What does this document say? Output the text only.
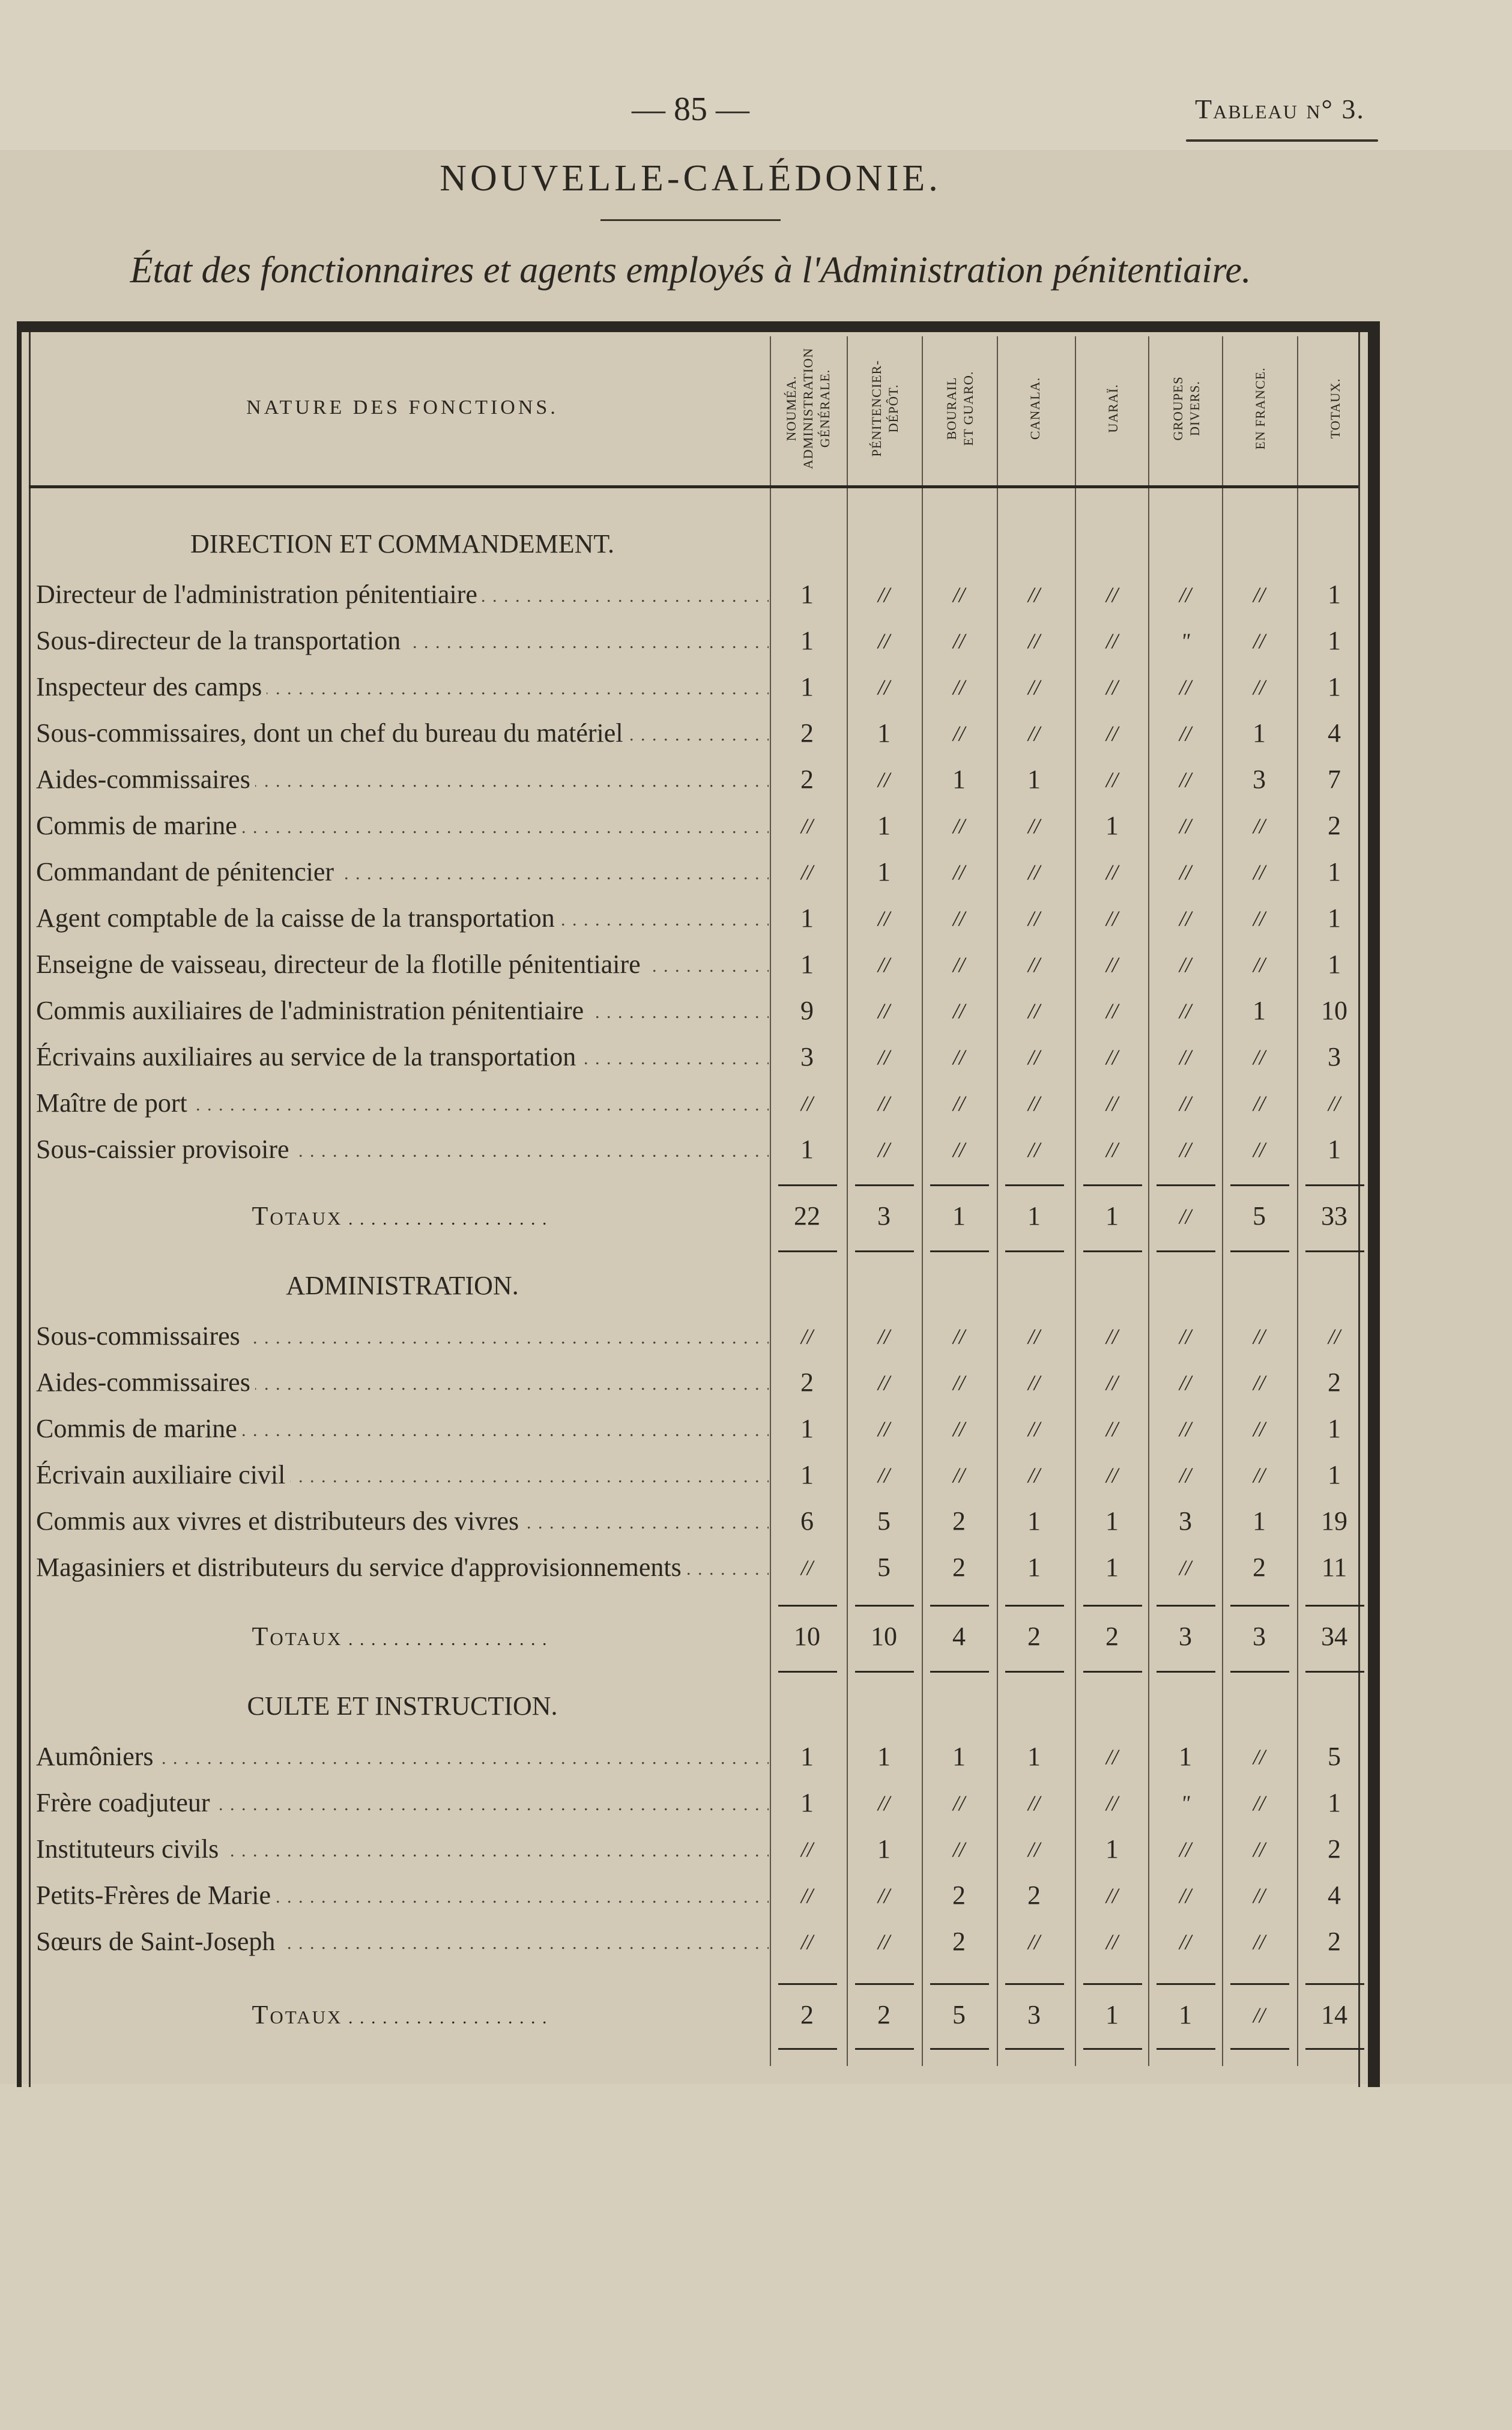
— 85 —	Tableau n° 3.
NOUVELLE-CALÉDONIE.
État des fonctionnaires et agents employés à l'Administration pénitentiaire.
NATURE DES FONCTIONS.	NOUMÉA. ADMINISTRATION GÉNÉRALE.	PÉNITENCIER- DÉPÔT.	BOURAIL ET GUARO.	CANALA.	UARAÏ.	GROUPES DIVERS.	EN FRANCE.	TOTAUX.
DIRECTION ET COMMANDEMENT.
Directeur de l'administration pénitentiaire . . .	1	//	//	//	//	//	//	1
Sous-directeur de la transportation . . .	1	//	//	//	//	"	//	1
Inspecteur des camps . . .	1	//	//	//	//	//	//	1
Sous-commissaires, dont un chef du bureau du matériel . . .	2	1	//	//	//	//	1	4
Aides-commissaires . . .	2	//	1	1	//	//	3	7
Commis de marine . . .	//	1	//	//	1	//	//	2
Commandant de pénitencier . . .	//	1	//	//	//	//	//	1
Agent comptable de la caisse de la transportation . . .	1	//	//	//	//	//	//	1
Enseigne de vaisseau, directeur de la flotille pénitentiaire . . .	1	//	//	//	//	//	//	1
Commis auxiliaires de l'administration pénitentiaire . . .	9	//	//	//	//	//	1	10
Écrivains auxiliaires au service de la transportation . . .	3	//	//	//	//	//	//	3
Maître de port . . .	//	//	//	//	//	//	//	//
Sous-caissier provisoire . . .	1	//	//	//	//	//	//	1
Totaux . . .	22	3	1	1	1	//	5	33
ADMINISTRATION.
Sous-commissaires . . .	//	//	//	//	//	//	//	//
Aides-commissaires . . .	2	//	//	//	//	//	//	2
Commis de marine . . .	1	//	//	//	//	//	//	1
Écrivain auxiliaire civil . . .	1	//	//	//	//	//	//	1
Commis aux vivres et distributeurs des vivres . . .	6	5	2	1	1	3	1	19
Magasiniers et distributeurs du service d'approvisionnements . . .	//	5	2	1	1	//	2	11
Totaux . . .	10	10	4	2	2	3	3	34
CULTE ET INSTRUCTION.
Aumôniers . . .	1	1	1	1	//	1	//	5
Frère coadjuteur . . .	1	//	//	//	//	"	//	1
Instituteurs civils . . .	//	1	//	//	1	//	//	2
Petits-Frères de Marie . . .	//	//	2	2	//	//	//	4
Sœurs de Saint-Joseph . . .	//	//	2	//	//	//	//	2
Totaux . . .	2	2	5	3	1	1	//	14
